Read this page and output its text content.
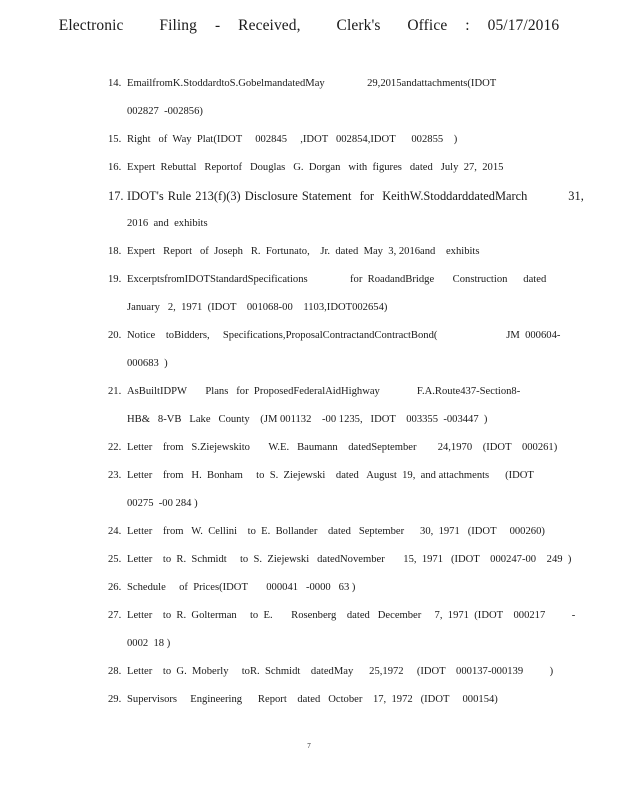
Electronic    Filing  -  Received,    Clerk's   Office  :  05/17/2016
14. EmailfromK.StoddardtoS.GobelmandatedMay                29,2015andattachments(IDOT
002827  -002856)
15. Right   of  Way  Plat(IDOT     002845     ,IDOT   002854,IDOT      002855    )
16. Expert  Rebuttal   Reportof   Douglas   G.  Dorgan   with  figures   dated   July  27,  2015
17. IDOT's Rule 213(f)(3) Disclosure Statement  for  KeithW.StoddarddatedMarch          31,
2016  and  exhibits
18. Expert   Report   of  Joseph   R.  Fortunato,    Jr.  dated  May  3, 2016and    exhibits
19. ExcerptsfromIDOTStandardSpecifications                for  RoadandBridge       Construction      dated
January   2,  1971  (IDOT    001068-00    1103,IDOT002654)
20. Notice    toBidders,     Specifications,ProposalContractandContractBond(                          JM  000604-
000683  )
21. AsBuiltIDPW       Plans   for  ProposedFederalAidHighway              F.A.Route437-Section8-
HB&   8-VB   Lake   County    (JM 001132    -00 1235,   IDOT    003355  -003447  )
22. Letter    from   S.Ziejewskito       W.E.   Baumann    datedSeptember        24,1970    (IDOT    000261)
23. Letter    from   H.  Bonham     to  S.  Ziejewski    dated   August  19,  and attachments      (IDOT
00275  -00 284 )
24. Letter    from   W.  Cellini    to  E.  Bollander    dated   September      30,  1971   (IDOT     000260)
25. Letter    to  R.  Schmidt     to  S.  Ziejewski   datedNovember       15,  1971   (IDOT    000247-00    249  )
26. Schedule     of  Prices(IDOT       000041   -0000   63 )
27. Letter    to  R.  Golterman     to  E.       Rosenberg    dated   December     7,  1971  (IDOT    000217          -
0002  18 )
28. Letter    to  G.  Moberly     toR.  Schmidt    datedMay      25,1972     (IDOT    000137-000139          )
29. Supervisors     Engineering      Report    dated   October    17,  1972   (IDOT     000154)
7
